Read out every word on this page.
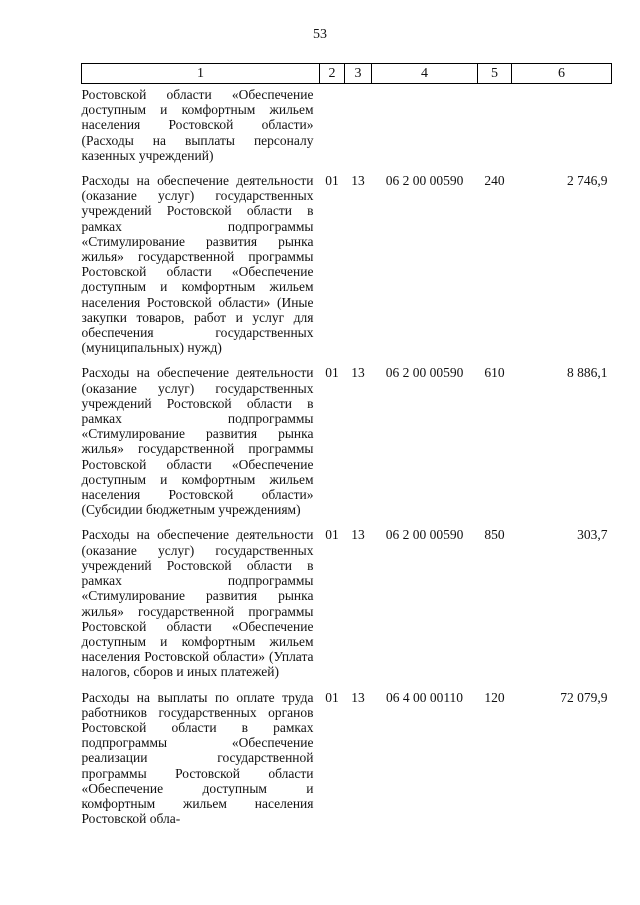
53
1	2	3	4	5	6
Ростовской области «Обеспечение доступным и комфортным жильем населения Ростовской области» (Расходы на выплаты персоналу казенных учреждений)					
Расходы на обеспечение деятельности (оказание услуг) государственных учреждений Ростовской области в рамках подпрограммы «Стимулирование развития рынка жилья» государственной программы Ростовской области «Обеспечение доступным и комфортным жильем населения Ростовской области» (Иные закупки товаров, работ и услуг для обеспечения государственных (муниципальных) нужд)	01	13	06 2 00 00590	240	2 746,9
Расходы на обеспечение деятельности (оказание услуг) государственных учреждений Ростовской области в рамках подпрограммы «Стимулирование развития рынка жилья» государственной программы Ростовской области «Обеспечение доступным и комфортным жильем населения Ростовской области» (Субсидии бюджетным учреждениям)	01	13	06 2 00 00590	610	8 886,1
Расходы на обеспечение деятельности (оказание услуг) государственных учреждений Ростовской области в рамках подпрограммы «Стимулирование развития рынка жилья» государственной программы Ростовской области «Обеспечение доступным и комфортным жильем населения Ростовской области» (Уплата налогов, сборов и иных платежей)	01	13	06 2 00 00590	850	303,7
Расходы на выплаты по оплате труда работников государственных органов Ростовской области в рамках подпрограммы «Обеспечение реализации государственной программы Ростовской области «Обеспечение доступным и комфортным жильем населения Ростовской обла-	01	13	06 4 00 00110	120	72 079,9
